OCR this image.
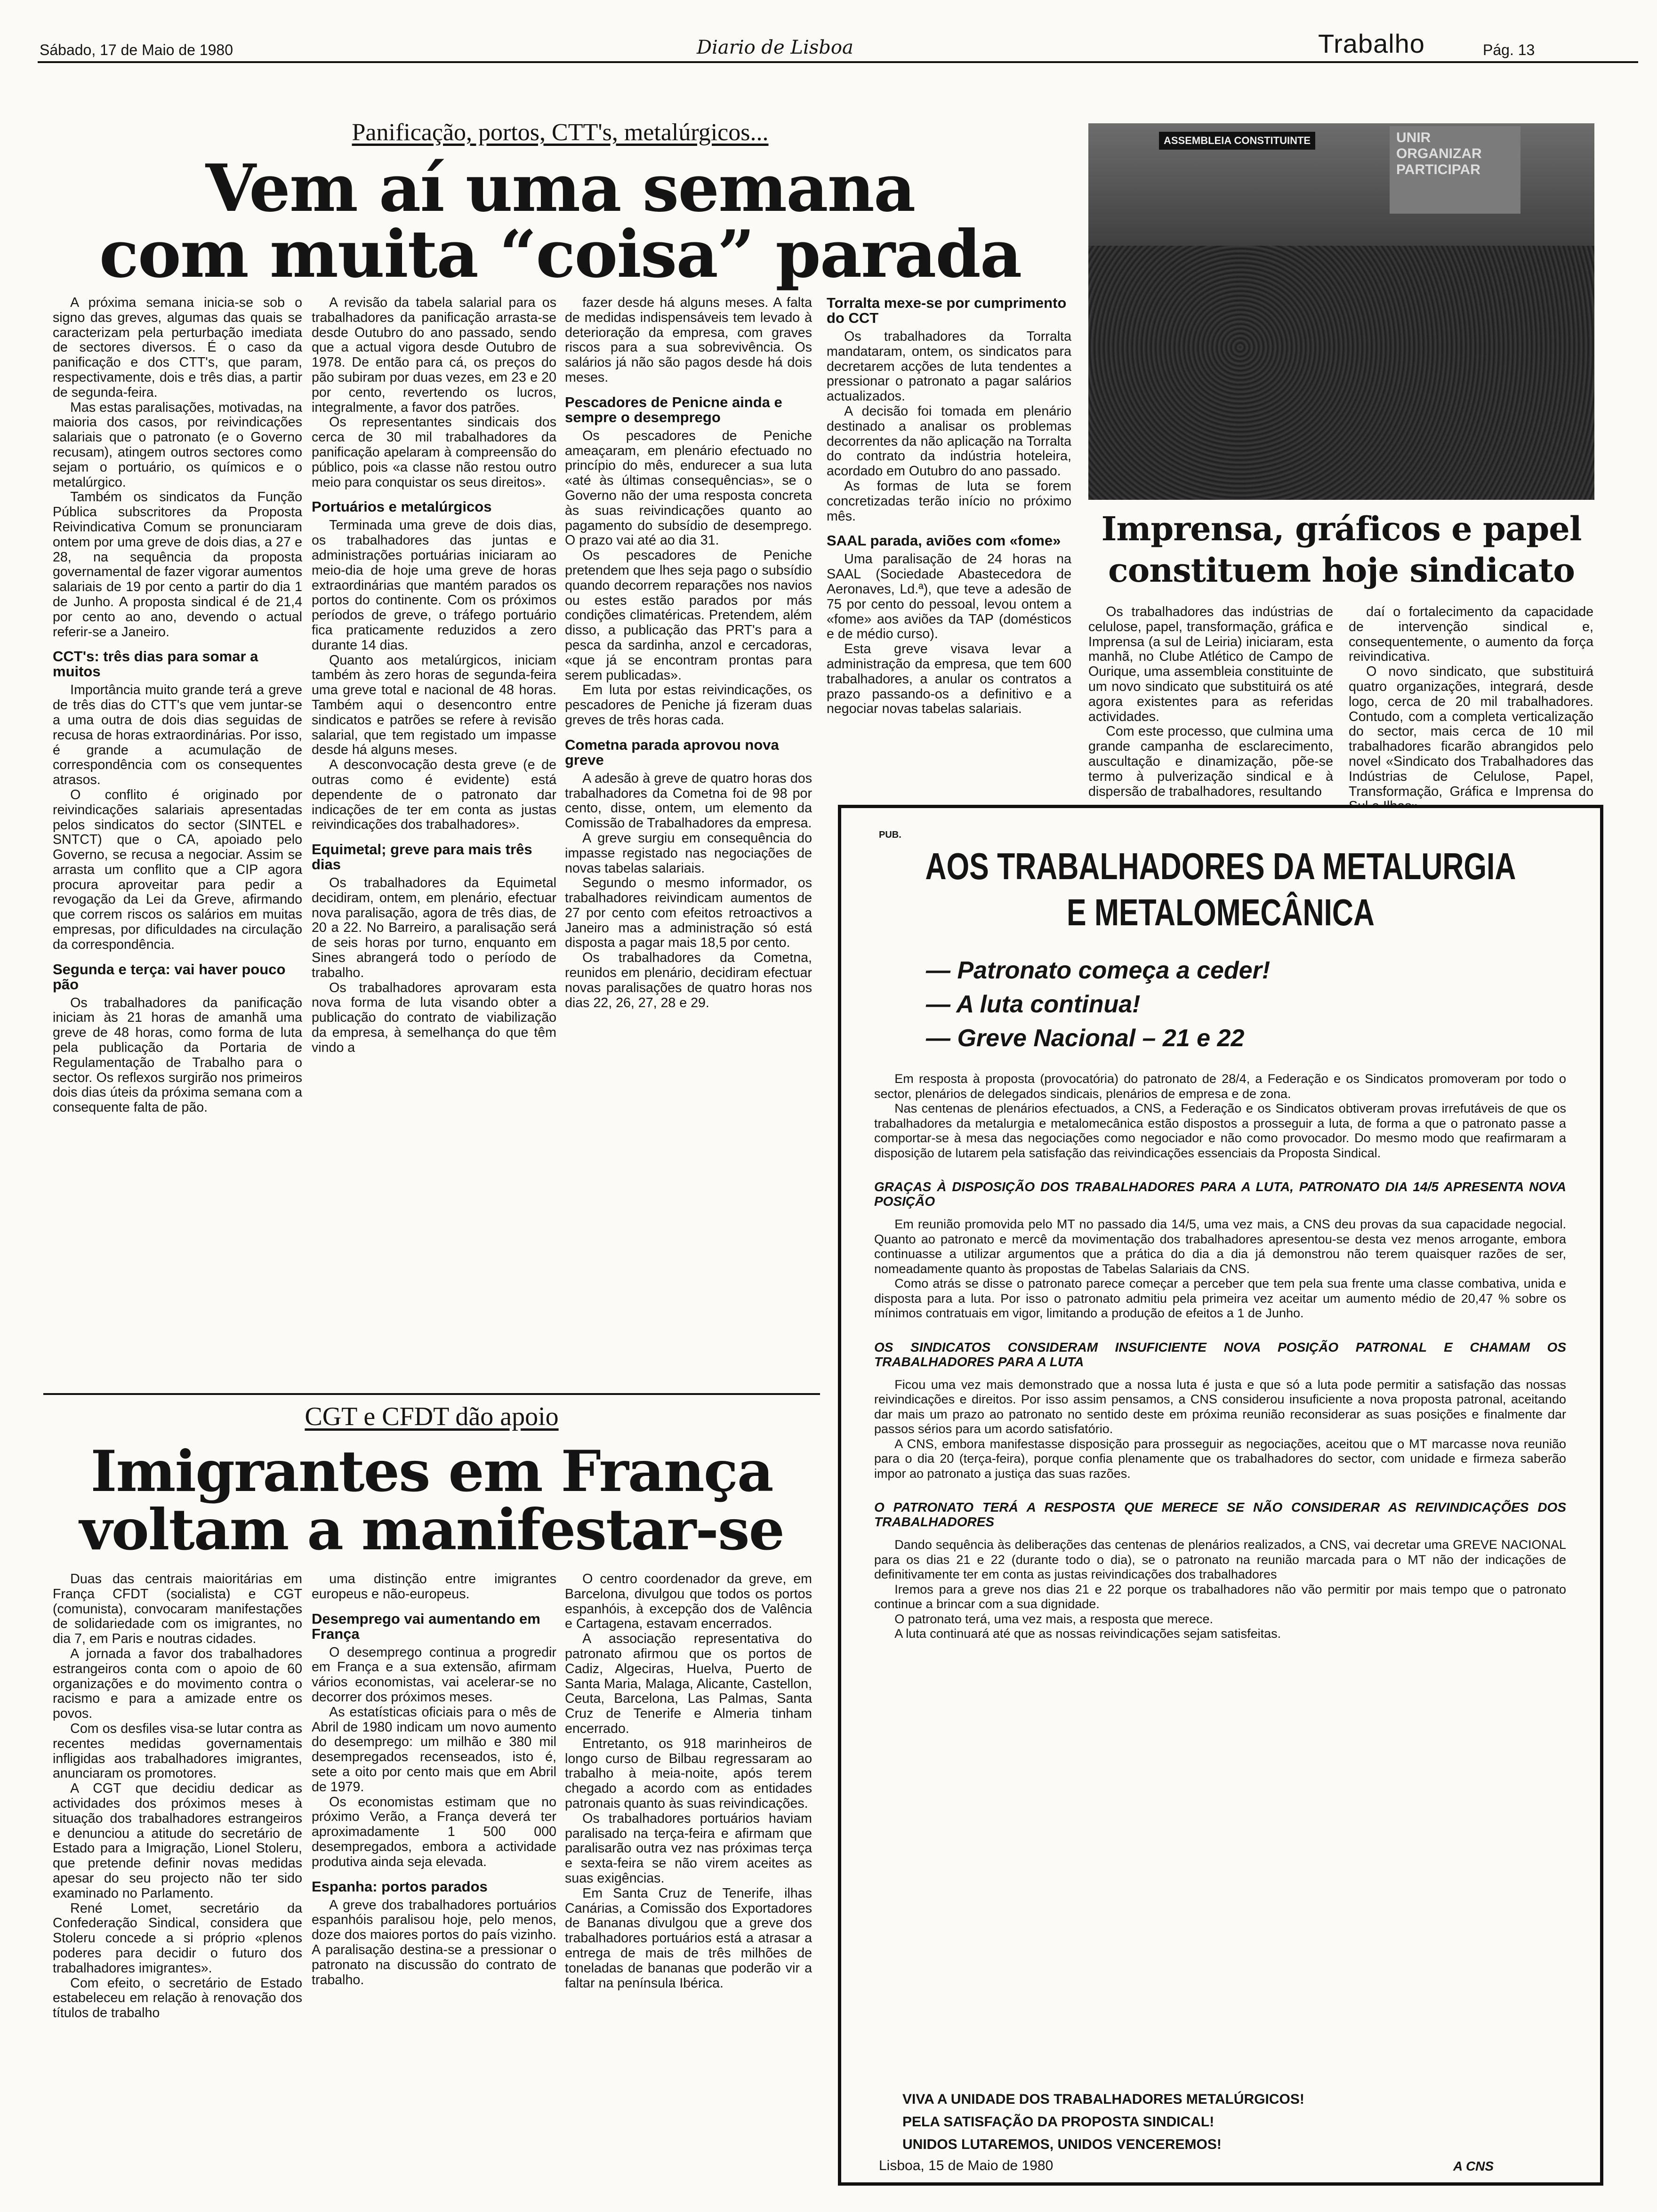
Sábado, 17 de Maio de 1980	Diario de Lisboa	Trabalho	Pág. 13
Panificação, portos, CTT's, metalúrgicos...
Vem aí uma semana
com muita “coisa” parada

A próxima semana inicia-se sob o signo das greves, algumas das quais se caracterizam pela perturbação imediata de sectores diversos. É o caso da panificação e dos CTT's, que param, respectivamente, dois e três dias, a partir de segunda-feira.

Mas estas paralisações, motivadas, na maioria dos casos, por reivindicações salariais que o patronato (e o Governo recusam), atingem outros sectores como sejam o portuário, os químicos e o metalúrgico.

Também os sindicatos da Função Pública subscritores da Proposta Reivindicativa Comum se pronunciaram ontem por uma greve de dois dias, a 27 e 28, na sequência da proposta governamental de fazer vigorar aumentos salariais de 19 por cento a partir do dia 1 de Junho. A proposta sindical é de 21,4 por cento ao ano, devendo o actual referir-se a Janeiro.

CCT's: três dias para somar a muitos

Importância muito grande terá a greve de três dias do CTT's que vem juntar-se a uma outra de dois dias seguidas de recusa de horas extraordinárias. Por isso, é grande a acumulação de correspondência com os consequentes atrasos.

O conflito é originado por reivindicações salariais apresentadas pelos sindicatos do sector (SINTEL e SNTCT) que o CA, apoiado pelo Governo, se recusa a negociar. Assim se arrasta um conflito que a CIP agora procura aproveitar para pedir a revogação da Lei da Greve, afirmando que correm riscos os salários em muitas empresas, por dificuldades na circulação da correspondência.

Segunda e terça: vai haver pouco pão

Os trabalhadores da panificação iniciam às 21 horas de amanhã uma greve de 48 horas, como forma de luta pela publicação da Portaria de Regulamentação de Trabalho para o sector. Os reflexos surgirão nos primeiros dois dias úteis da próxima semana com a consequente falta de pão.

A revisão da tabela salarial para os trabalhadores da panificação arrasta-se desde Outubro do ano passado, sendo que a actual vigora desde Outubro de 1978. De então para cá, os preços do pão subiram por duas vezes, em 23 e 20 por cento, revertendo os lucros, integralmente, a favor dos patrões.

Os representantes sindicais dos cerca de 30 mil trabalhadores da panificação apelaram à compreensão do público, pois «a classe não restou outro meio para conquistar os seus direitos».

Portuários e metalúrgicos

Terminada uma greve de dois dias, os trabalhadores das juntas e administrações portuárias iniciaram ao meio-dia de hoje uma greve de horas extraordinárias que mantém parados os portos do continente. Com os próximos períodos de greve, o tráfego portuário fica praticamente reduzidos a zero durante 14 dias.

Quanto aos metalúrgicos, iniciam também às zero horas de segunda-feira uma greve total e nacional de 48 horas. Também aqui o desencontro entre sindicatos e patrões se refere à revisão salarial, que tem registado um impasse desde há alguns meses.

A desconvocação desta greve (e de outras como é evidente) está dependente de o patronato dar indicações de ter em conta as justas reivindicações dos trabalhadores».

Equimetal; greve para mais três dias

Os trabalhadores da Equimetal decidiram, ontem, em plenário, efectuar nova paralisação, agora de três dias, de 20 a 22. No Barreiro, a paralisação será de seis horas por turno, enquanto em Sines abrangerá todo o período de trabalho.

Os trabalhadores aprovaram esta nova forma de luta visando obter a publicação do contrato de viabilização da empresa, à semelhança do que têm vindo a

fazer desde há alguns meses. A falta de medidas indispensáveis tem levado à deterioração da empresa, com graves riscos para a sua sobrevivência. Os salários já não são pagos desde há dois meses.

Pescadores de Penicne ainda e sempre o desemprego

Os pescadores de Peniche ameaçaram, em plenário efectuado no princípio do mês, endurecer a sua luta «até às últimas consequências», se o Governo não der uma resposta concreta às suas reivindicações quanto ao pagamento do subsídio de desemprego. O prazo vai até ao dia 31.

Os pescadores de Peniche pretendem que lhes seja pago o subsídio quando decorrem reparações nos navios ou estes estão parados por más condições climatéricas. Pretendem, além disso, a publicação das PRT's para a pesca da sardinha, anzol e cercadoras, «que já se encontram prontas para serem publicadas».

Em luta por estas reivindicações, os pescadores de Peniche já fizeram duas greves de três horas cada.

Cometna parada aprovou nova greve

A adesão à greve de quatro horas dos trabalhadores da Cometna foi de 98 por cento, disse, ontem, um elemento da Comissão de Trabalhadores da empresa.

A greve surgiu em consequência do impasse registado nas negociações de novas tabelas salariais.

Segundo o mesmo informador, os trabalhadores reivindicam aumentos de 27 por cento com efeitos retroactivos a Janeiro mas a administração só está disposta a pagar mais 18,5 por cento.

Os trabalhadores da Cometna, reunidos em plenário, decidiram efectuar novas paralisações de quatro horas nos dias 22, 26, 27, 28 e 29.

Torralta mexe-se por cumprimento do CCT

Os trabalhadores da Torralta mandataram, ontem, os sindicatos para decretarem acções de luta tendentes a pressionar o patronato a pagar salários actualizados.

A decisão foi tomada em plenário destinado a analisar os problemas decorrentes da não aplicação na Torralta do contrato da indústria hoteleira, acordado em Outubro do ano passado.

As formas de luta se forem concretizadas terão início no próximo mês.

SAAL parada, aviões com «fome»

Uma paralisação de 24 horas na SAAL (Sociedade Abastecedora de Aeronaves, Ld.ª), que teve a adesão de 75 por cento do pessoal, levou ontem a «fome» aos aviões da TAP (domésticos e de médio curso).

Esta greve visava levar a administração da empresa, que tem 600 trabalhadores, a anular os contratos a prazo passando-os a definitivo e a negociar novas tabelas salariais.

ASSEMBLEIA CONSTITUINTE	UNIR
ORGANIZAR
PARTICIPAR
Imprensa, gráficos e papel
constituem hoje sindicato

Os trabalhadores das indústrias de celulose, papel, transformação, gráfica e Imprensa (a sul de Leiria) iniciaram, esta manhã, no Clube Atlético de Campo de Ourique, uma assembleia constituinte de um novo sindicato que substituirá os até agora existentes para as referidas actividades.

Com este processo, que culmina uma grande campanha de esclarecimento, auscultação e dinamização, põe-se termo à pulverização sindical e à dispersão de trabalhadores, resultando

daí o fortalecimento da capacidade de intervenção sindical e, consequentemente, o aumento da força reivindicativa.

O novo sindicato, que substituirá quatro organizações, integrará, desde logo, cerca de 20 mil trabalhadores. Contudo, com a completa verticalização do sector, mais cerca de 10 mil trabalhadores ficarão abrangidos pelo novel «Sindicato dos Trabalhadores das Indústrias de Celulose, Papel, Transformação, Gráfica e Imprensa do

PUB.
AOS TRABALHADORES DA METALURGIA
E METALOMECÂNICA
— Patronato começa a ceder!
— A luta continua!
— Greve Nacional – 21 e 22

Em resposta à proposta (provocatória) do patronato de 28/4, a Federação e os Sindicatos promoveram por todo o sector, plenários de delegados sindicais, plenários de empresa e de zona.

Nas centenas de plenários efectuados, a CNS, a Federação e os Sindicatos obtiveram provas irrefutáveis de que os trabalhadores da metalurgia e metalomecânica estão dispostos a prosseguir a luta, de forma a que o patronato passe a comportar-se à mesa das negociações como negociador e não como provocador. Do mesmo modo que reafirmaram a disposição de lutarem pela satisfação das reivindicações essenciais da Proposta Sindical.

GRAÇAS À DISPOSIÇÃO DOS TRABALHADORES PARA A LUTA, PATRONATO DIA 14/5 APRESENTA NOVA POSIÇÃO

Em reunião promovida pelo MT no passado dia 14/5, uma vez mais, a CNS deu provas da sua capacidade negocial. Quanto ao patronato e mercê da movimentação dos trabalhadores apresentou-se desta vez menos arrogante, embora continuasse a utilizar argumentos que a prática do dia a dia já demonstrou não terem quaisquer razões de ser, nomeadamente quanto às propostas de Tabelas Salariais da CNS.

Como atrás se disse o patronato parece começar a perceber que tem pela sua frente uma classe combativa, unida e disposta para a luta. Por isso o patronato admitiu pela primeira vez aceitar um aumento médio de 20,47 % sobre os mínimos contratuais em vigor, limitando a produção de efeitos a 1 de Junho.

OS SINDICATOS CONSIDERAM INSUFICIENTE NOVA POSIÇÃO PATRONAL E CHAMAM OS TRABALHADORES PARA A LUTA

Ficou uma vez mais demonstrado que a nossa luta é justa e que só a luta pode permitir a satisfação das nossas reivindicações e direitos. Por isso assim pensamos, a CNS considerou insuficiente a nova proposta patronal, aceitando dar mais um prazo ao patronato no sentido deste em próxima reunião reconsiderar as suas posições e finalmente dar passos sérios para um acordo satisfatório.

A CNS, embora manifestasse disposição para prosseguir as negociações, aceitou que o MT marcasse nova reunião para o dia 20 (terça-feira), porque confia plenamente que os trabalhadores do sector, com unidade e firmeza saberão impor ao patronato a justiça das suas razões.

O PATRONATO TERÁ A RESPOSTA QUE MERECE SE NÃO CONSIDERAR AS REIVINDICAÇÕES DOS TRABALHADORES

Dando sequência às deliberações das centenas de plenários realizados, a CNS, vai decretar uma GREVE NACIONAL para os dias 21 e 22 (durante todo o dia), se o patronato na reunião marcada para o MT não der indicações de definitivamente ter em conta as justas reivindicações dos trabalhadores

Iremos para a greve nos dias 21 e 22 porque os trabalhadores não vão permitir por mais tempo que o patronato continue a brincar com a sua dignidade.

O patronato terá, uma vez mais, a resposta que merece.

A luta continuará até que as nossas reivindicações sejam satisfeitas.

VIVA A UNIDADE DOS TRABALHADORES METALÚRGICOS!
PELA SATISFAÇÃO DA PROPOSTA SINDICAL!
UNIDOS LUTAREMOS, UNIDOS VENCEREMOS!
Lisboa, 15 de Maio de 1980	A CNS
CGT e CFDT dão apoio
Imigrantes em França
voltam a manifestar-se

Duas das centrais maioritárias em França CFDT (socialista) e CGT (comunista), convocaram manifestações de solidariedade com os imigrantes, no dia 7, em Paris e noutras cidades.

A jornada a favor dos trabalhadores estrangeiros conta com o apoio de 60 organizações e do movimento contra o racismo e para a amizade entre os povos.

Com os desfiles visa-se lutar contra as recentes medidas governamentais infligidas aos trabalhadores imigrantes, anunciaram os promotores.

A CGT que decidiu dedicar as actividades dos próximos meses à situação dos trabalhadores estrangeiros e denunciou a atitude do secretário de Estado para a Imigração, Lionel Stoleru, que pretende definir novas medidas apesar do seu projecto não ter sido examinado no Parlamento.

René Lomet, secretário da Confederação Sindical, considera que Stoleru concede a si próprio «plenos poderes para decidir o futuro dos trabalhadores imigrantes».

Com efeito, o secretário de Estado estabeleceu em relação à renovação dos títulos de trabalho

uma distinção entre imigrantes europeus e não-europeus.

Desemprego vai aumentando em França

O desemprego continua a progredir em França e a sua extensão, afirmam vários economistas, vai acelerar-se no decorrer dos próximos meses.

As estatísticas oficiais para o mês de Abril de 1980 indicam um novo aumento do desemprego: um milhão e 380 mil desempregados recenseados, isto é, sete a oito por cento mais que em Abril de 1979.

Os economistas estimam que no próximo Verão, a França deverá ter aproximadamente 1 500 000 desempregados, embora a actividade produtiva ainda seja elevada.

Espanha: portos parados

A greve dos trabalhadores portuários espanhóis paralisou hoje, pelo menos, doze dos maiores portos do país vizinho. A paralisação destina-se a pressionar o patronato na discussão do contrato de trabalho.

O centro coordenador da greve, em Barcelona, divulgou que todos os portos espanhóis, à excepção dos de Valência e Cartagena, estavam encerrados.

A associação representativa do patronato afirmou que os portos de Cadiz, Algeciras, Huelva, Puerto de Santa Maria, Malaga, Alicante, Castellon, Ceuta, Barcelona, Las Palmas, Santa Cruz de Tenerife e Almeria tinham encerrado.

Entretanto, os 918 marinheiros de longo curso de Bilbau regressaram ao trabalho à meia-noite, após terem chegado a acordo com as entidades patronais quanto às suas reivindicações.

Os trabalhadores portuários haviam paralisado na terça-feira e afirmam que paralisarão outra vez nas próximas terça e sexta-feira se não virem aceites as suas exigências.

Em Santa Cruz de Tenerife, ilhas Canárias, a Comissão dos Exportadores de Bananas divulgou que a greve dos trabalhadores portuários está a atrasar a entrega de mais de três milhões de toneladas de bananas que poderão vir a faltar na península Ibérica.
